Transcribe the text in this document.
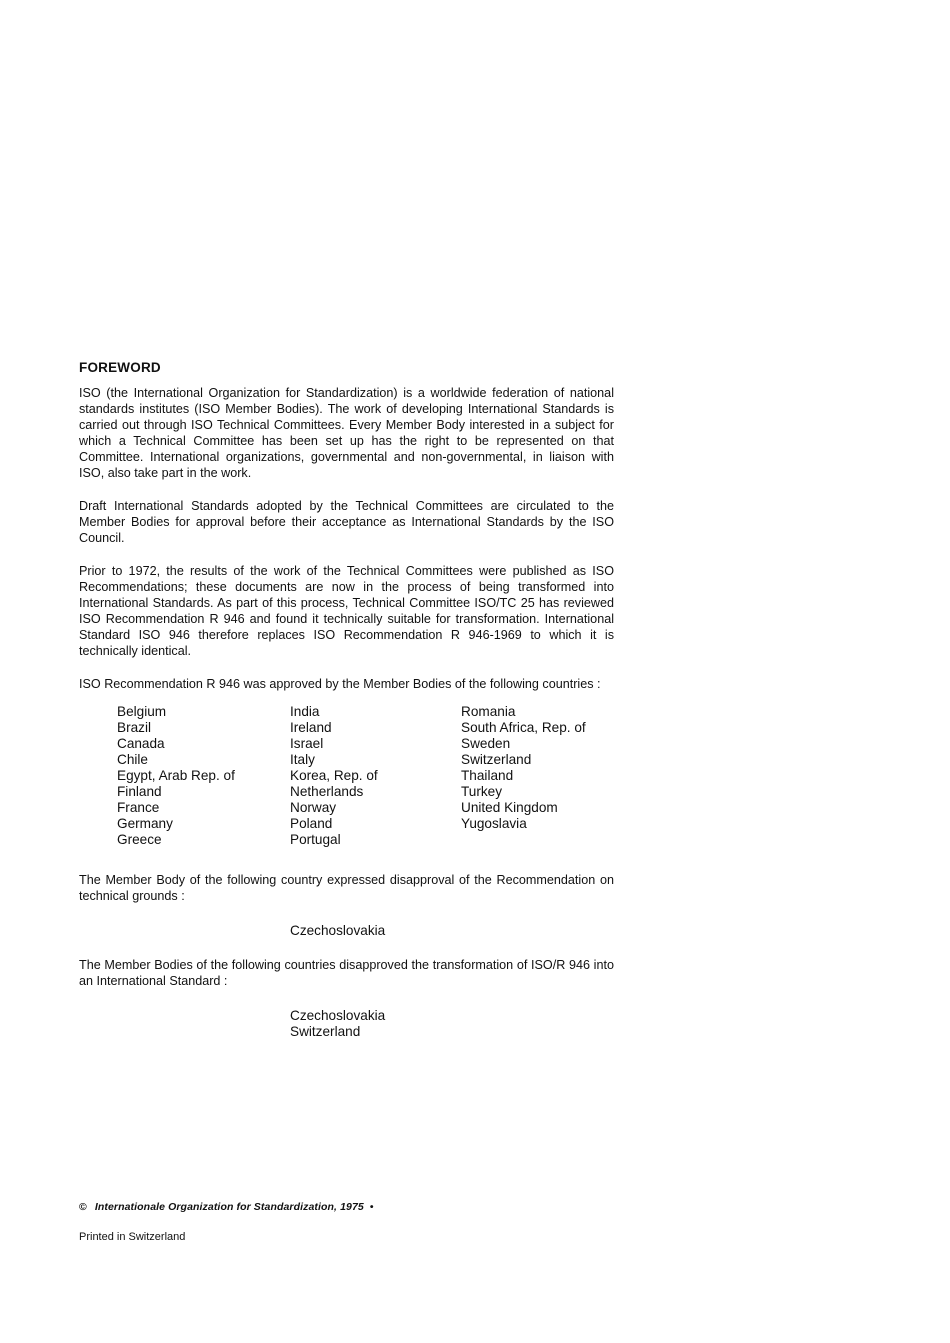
FOREWORD

ISO (the International Organization for Standardization) is a worldwide federation of national standards institutes (ISO Member Bodies). The work of developing International Standards is carried out through ISO Technical Committees. Every Member Body interested in a subject for which a Technical Committee has been set up has the right to be represented on that Committee. International organizations, governmental and non-governmental, in liaison with ISO, also take part in the work.

Draft International Standards adopted by the Technical Committees are circulated to the Member Bodies for approval before their acceptance as International Standards by the ISO Council.

Prior to 1972, the results of the work of the Technical Committees were published as ISO Recommendations; these documents are now in the process of being transformed into International Standards. As part of this process, Technical Committee ISO/TC 25 has reviewed ISO Recommendation R 946 and found it technically suitable for transformation. International Standard ISO 946 therefore replaces ISO Recommendation R 946-1969 to which it is technically identical.

ISO Recommendation R 946 was approved by the Member Bodies of the following countries :

Belgium
Brazil
Canada
Chile
Egypt, Arab Rep. of
Finland
France
Germany
Greece
India
Ireland
Israel
Italy
Korea, Rep. of
Netherlands
Norway
Poland
Portugal
Romania
South Africa, Rep. of
Sweden
Switzerland
Thailand
Turkey
United Kingdom
Yugoslavia

The Member Body of the following country expressed disapproval of the Recommendation on technical grounds :

Czechoslovakia

The Member Bodies of the following countries disapproved the transformation of ISO/R 946 into an International Standard :

Czechoslovakia
Switzerland
© Internationale Organization for Standardization, 1975 •
Printed in Switzerland
